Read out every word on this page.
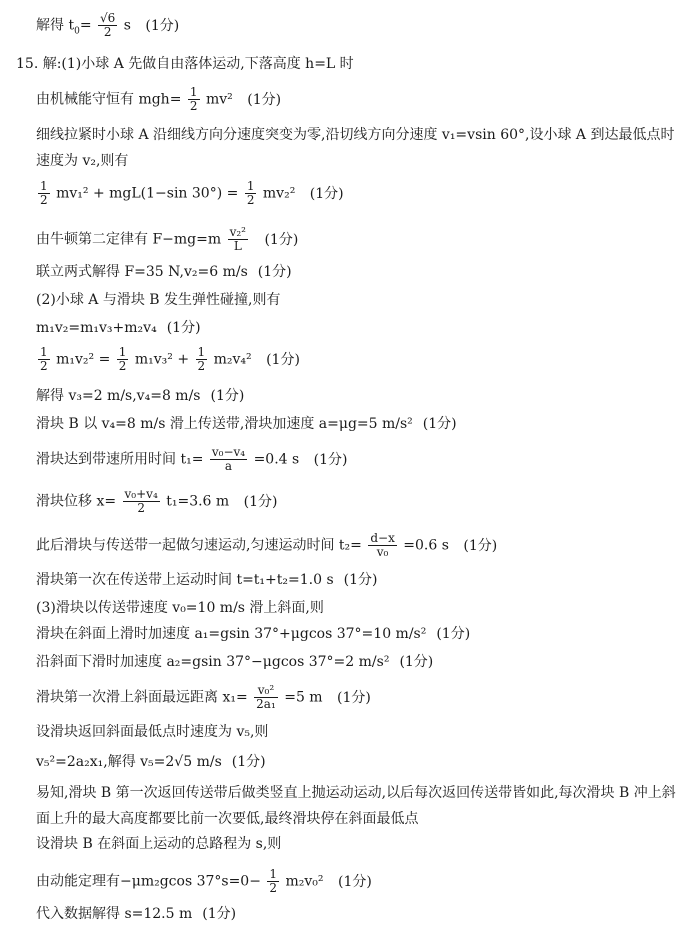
解得 $t_0= \frac{√6}{2}$ s (1分)
15. 解:(1)小球 A 先做自由落体运动,下落高度 h=L 时
由机械能守恒有 $mgh= \frac{1}{2} mv^2$ (1分)
细线拉紧时小球 A 沿细线方向分速度突变为零,沿切线方向分速度 v₁=vsin 60°,设小球 A 到达最低点时速度为 v₂,则有
$\frac{1}{2} mv_1^2 + mgL(1-\sin$ $30^\circ) = \frac{1}{2} mv_2^2$ (1分)
由牛顿第二定律有 $F-mg=m \frac{\text{v₂²}}{L} (1$分)
联立两式解得 F=35 N,v₂=6 m/s (1分)
(2)小球 A 与滑块 B 发生弹性碰撞,则有
m₁v₂=m₁v₃+m₂v₄ (1分)
$\frac{1}{2} m_1v_2^2 = \frac{1}{2} m_1v_3^2 + \frac{1}{2} m_2v_4^2$ (1分)
解得 v₃=2 m/s,v₄=8 m/s (1分)
滑块 B 以 v₄=8 m/s 滑上传送带,滑块加速度 a=μg=5 m/s² (1分)
滑块达到带速所用时间 $t_1= \frac{\text{v₀−v₄}}{a} =0.4$ s (1分)
滑块位移 $x= \frac{\text{v₀+v₄}}{2} t_1=3.6$ m (1分)
此后滑块与传送带一起做匀速运动,匀速运动时间 $t_2= \frac{d-x}{\text{v₀}} =0.6$ s (1分)
滑块第一次在传送带上运动时间 t=t₁+t₂=1.0 s (1分)
(3)滑块以传送带速度 v₀=10 m/s 滑上斜面,则
滑块在斜面上滑时加速度 a₁=gsin 37°+μgcos 37°=10 m/s² (1分)
沿斜面下滑时加速度 a₂=gsin 37°−μgcos 37°=2 m/s² (1分)
滑块第一次滑上斜面最远距离 $x_1= \frac{\text{v₀²}}{\text{2a₁}} =5$ m (1分)
设滑块返回斜面最低点时速度为 v₅,则
v₅²=2a₂x₁,解得 v₅=2√5 m/s (1分)
易知,滑块 B 第一次返回传送带后做类竖直上抛运动运动,以后每次返回传送带皆如此,每次滑块 B 冲上斜面上升的最大高度都要比前一次要低,最终滑块停在斜面最低点
设滑块 B 在斜面上运动的总路程为 s,则
由动能定理有−μm₂gcos $37^\circ s=0- \frac{1}{2} m_2v_0^2$ (1分)
代入数据解得 s=12.5 m (1分)
